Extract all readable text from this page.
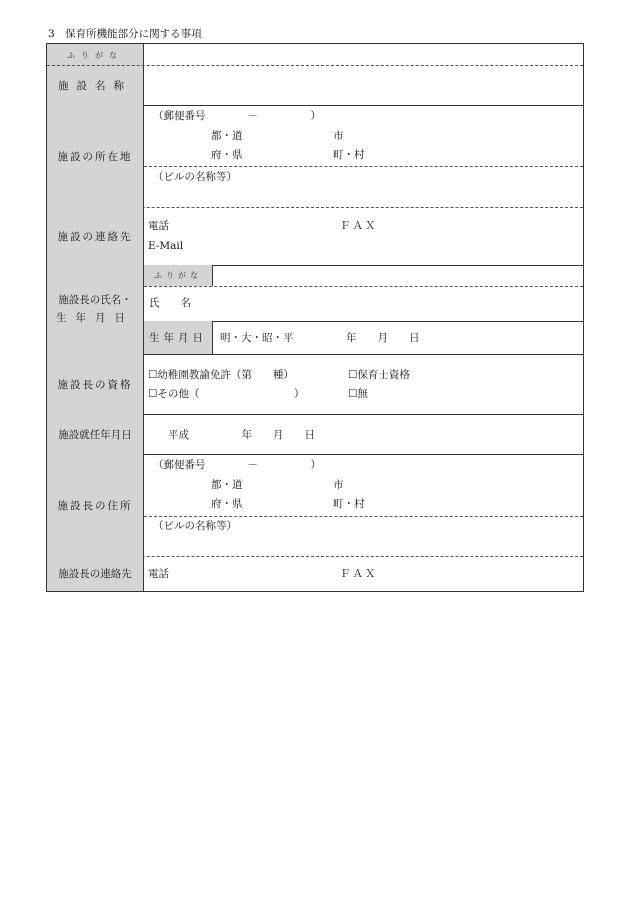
3　保育所機能部分に関する事項
ふりがな
施設名称
施設の所在地
（郵便番号　　　　－　　　　　）
都・道	市
府・県	町・村
（ビルの名称等）
施設の連絡先
電話	ＦＡＸ
E-Mail
施設長の氏名・
生年月日
ふりがな
氏　　名
生年月日 明・大・昭・平　　　　　年　　月　　日
施設長の資格
☐幼稚園教諭免許（第　　種）	☐保育士資格
☐その他（　　　　　　　　　）	☐無
施設就任年月日	平成　　　　　年　　月　　日
施設長の住所
（郵便番号　　　　－　　　　　）
都・道	市
府・県	町・村
（ビルの名称等）
施設長の連絡先 電話	ＦＡＸ
